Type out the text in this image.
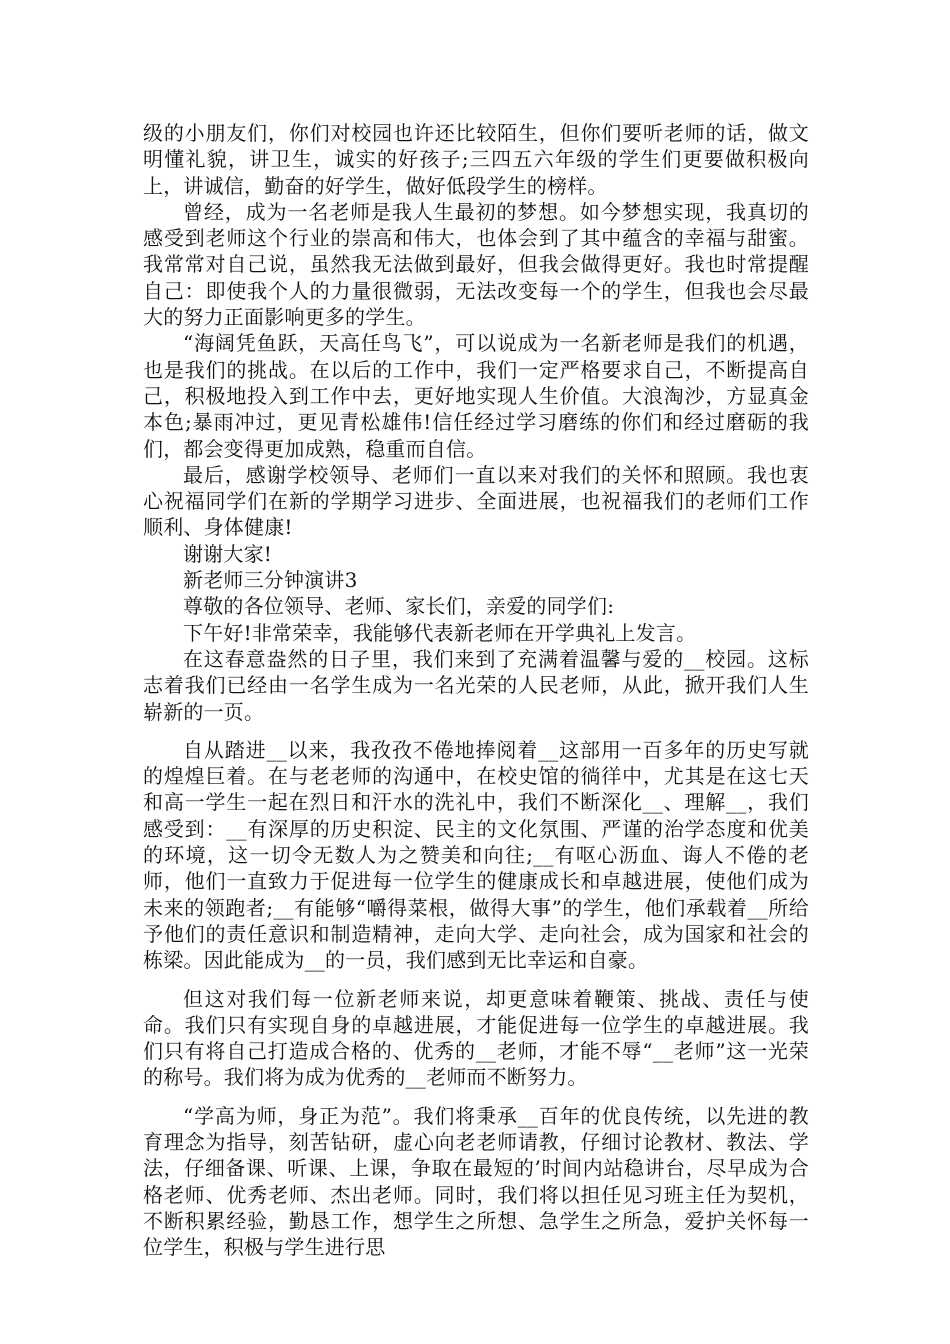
级的小朋友们，你们对校园也许还比较陌生，但你们要听老师的话，做文明懂礼貌，讲卫生，诚实的好孩子;三四五六年级的学生们更要做积极向上，讲诚信，勤奋的好学生，做好低段学生的榜样。

曾经，成为一名老师是我人生最初的梦想。如今梦想实现，我真切的感受到老师这个行业的崇高和伟大，也体会到了其中蕴含的幸福与甜蜜。我常常对自己说，虽然我无法做到最好，但我会做得更好。我也时常提醒自己：即使我个人的力量很微弱，无法改变每一个的学生，但我也会尽最大的努力正面影响更多的学生。

“海阔凭鱼跃，天高任鸟飞”，可以说成为一名新老师是我们的机遇，也是我们的挑战。在以后的工作中，我们一定严格要求自己，不断提高自己，积极地投入到工作中去，更好地实现人生价值。大浪淘沙，方显真金本色;暴雨冲过，更见青松雄伟!信任经过学习磨练的你们和经过磨砺的我们，都会变得更加成熟，稳重而自信。

最后，感谢学校领导、老师们一直以来对我们的关怀和照顾。我也衷心祝福同学们在新的学期学习进步、全面进展，也祝福我们的老师们工作顺利、身体健康!

谢谢大家!

新老师三分钟演讲3

尊敬的各位领导、老师、家长们，亲爱的同学们:

下午好!非常荣幸，我能够代表新老师在开学典礼上发言。

在这春意盎然的日子里，我们来到了充满着温馨与爱的__校园。这标志着我们已经由一名学生成为一名光荣的人民老师，从此，掀开我们人生崭新的一页。

自从踏进__以来，我孜孜不倦地捧阅着__这部用一百多年的历史写就的煌煌巨着。在与老老师的沟通中，在校史馆的徜徉中，尤其是在这七天和高一学生一起在烈日和汗水的洗礼中，我们不断深化__、理解__，我们感受到：__有深厚的历史积淀、民主的文化氛围、严谨的治学态度和优美的环境，这一切令无数人为之赞美和向往;__有呕心沥血、诲人不倦的老师，他们一直致力于促进每一位学生的健康成长和卓越进展，使他们成为未来的领跑者;__有能够“嚼得菜根，做得大事”的学生，他们承载着__所给予他们的责任意识和制造精神，走向大学、走向社会，成为国家和社会的栋梁。因此能成为__的一员，我们感到无比幸运和自豪。

但这对我们每一位新老师来说，却更意味着鞭策、挑战、责任与使命。我们只有实现自身的卓越进展，才能促进每一位学生的卓越进展。我们只有将自己打造成合格的、优秀的__老师，才能不辱“__老师”这一光荣的称号。我们将为成为优秀的__老师而不断努力。

“学高为师，身正为范”。我们将秉承__百年的优良传统，以先进的教育理念为指导，刻苦钻研，虚心向老老师请教，仔细讨论教材、教法、学法，仔细备课、听课、上课，争取在最短的’时间内站稳讲台，尽早成为合格老师、优秀老师、杰出老师。同时，我们将以担任见习班主任为契机，不断积累经验，勤恳工作，想学生之所想、急学生之所急，爱护关怀每一位学生，积极与学生进行思
